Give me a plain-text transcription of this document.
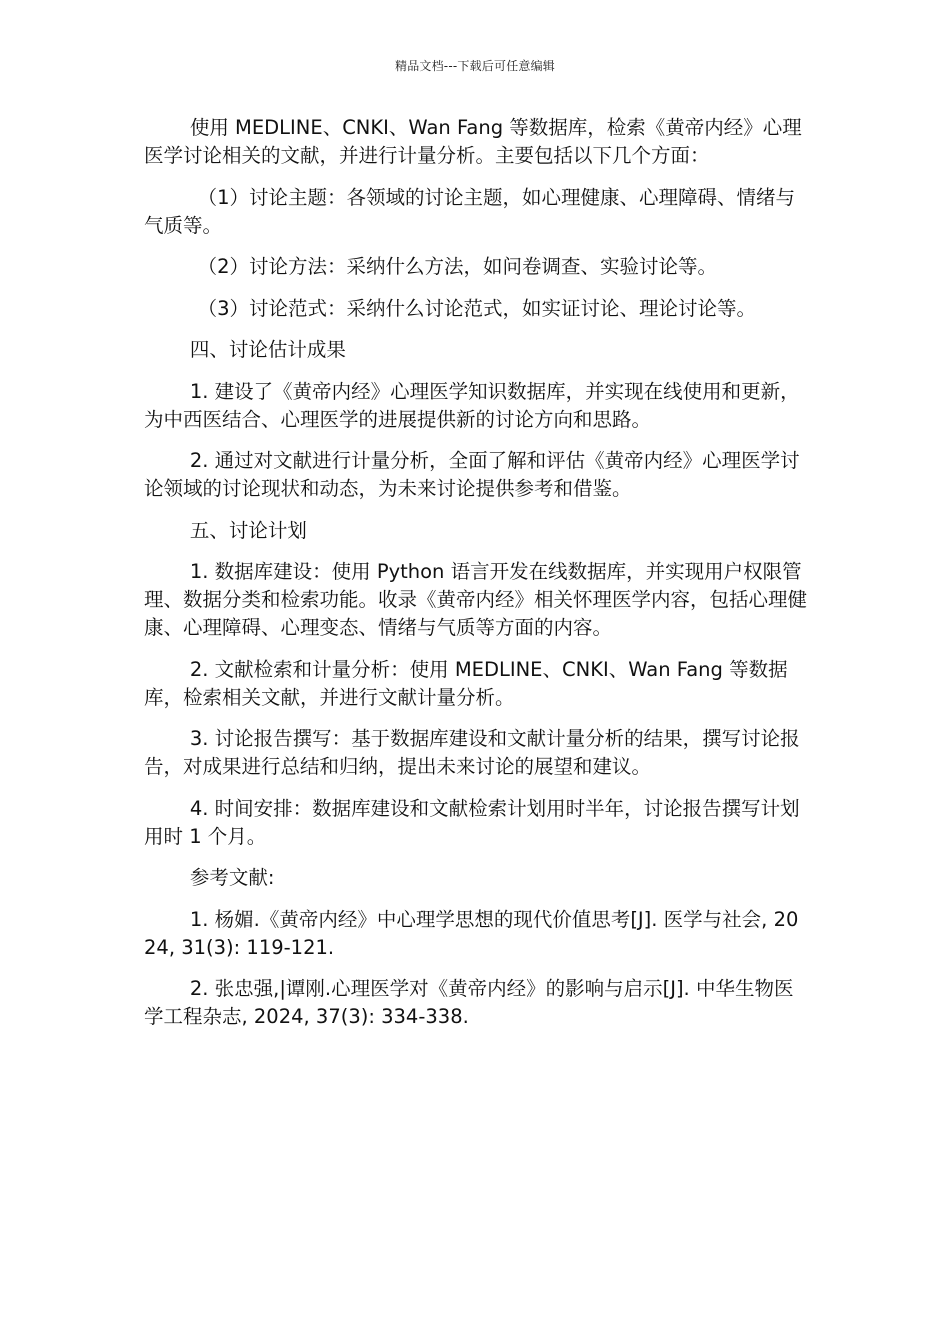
精品文档---下载后可任意编辑

使用 MEDLINE、CNKI、Wan Fang 等数据库，检索《黄帝内经》心理医学讨论相关的文献，并进行计量分析。主要包括以下几个方面：

（1）讨论主题：各领域的讨论主题，如心理健康、心理障碍、情绪与气质等。

（2）讨论方法：采纳什么方法，如问卷调查、实验讨论等。

（3）讨论范式：采纳什么讨论范式，如实证讨论、理论讨论等。

四、讨论估计成果

1. 建设了《黄帝内经》心理医学知识数据库，并实现在线使用和更新，为中西医结合、心理医学的进展提供新的讨论方向和思路。

2. 通过对文献进行计量分析，全面了解和评估《黄帝内经》心理医学讨论领域的讨论现状和动态，为未来讨论提供参考和借鉴。

五、讨论计划

1. 数据库建设：使用 Python 语言开发在线数据库，并实现用户权限管理、数据分类和检索功能。收录《黄帝内经》相关怀理医学内容，包括心理健康、心理障碍、心理变态、情绪与气质等方面的内容。

2. 文献检索和计量分析：使用 MEDLINE、CNKI、Wan Fang 等数据库，检索相关文献，并进行文献计量分析。

3. 讨论报告撰写：基于数据库建设和文献计量分析的结果，撰写讨论报告，对成果进行总结和归纳，提出未来讨论的展望和建议。

4. 时间安排：数据库建设和文献检索计划用时半年，讨论报告撰写计划用时 1 个月。

参考文献:

1. 杨媚.《黄帝内经》中心理学思想的现代价值思考[J]. 医学与社会, 2024, 31(3): 119-121.

2. 张忠强,|谭刚.心理医学对《黄帝内经》的影响与启示[J]. 中华生物医学工程杂志, 2024, 37(3): 334-338.
